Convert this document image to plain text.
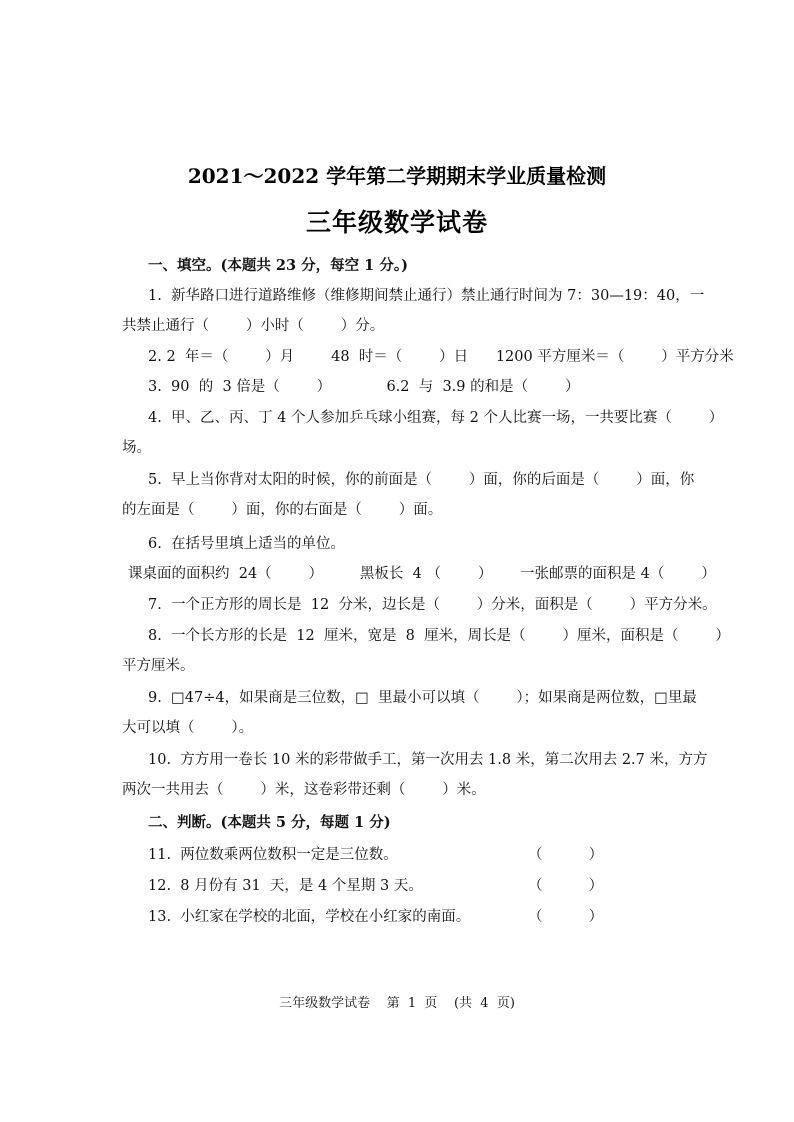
2021～2022 学年第二学期期末学业质量检测
三年级数学试卷
一、填空。(本题共 23 分，每空 1 分。)
1.  新华路口进行道路维修（维修期间禁止通行）禁止通行时间为 7：30—19：40，一
共禁止通行（        ）小时（        ）分。
2. 2  年＝（        ）月        48  时＝（        ）日      1200 平方厘米＝（        ）平方分米
3.  90  的  3 倍是（        ）            6.2  与  3.9 的和是（        ）
4.  甲、乙、丙、丁 4 个人参加乒乓球小组赛，每 2 个人比赛一场，一共要比赛（        ）
场。
5.  早上当你背对太阳的时候，你的前面是（        ）面，你的后面是（        ）面，你
的左面是（        ）面，你的右面是（        ）面。
6.  在括号里填上适当的单位。
课桌面的面积约  24（        ）        黑板长  4 （        ）      一张邮票的面积是 4（        ）
7.  一个正方形的周长是  12  分米，边长是（        ）分米，面积是（        ）平方分米。
8.  一个长方形的长是  12  厘米，宽是  8  厘米，周长是（        ）厘米，面积是（        ）
平方厘米。
9.  □47÷4，如果商是三位数，□  里最小可以填（        ）；如果商是两位数，□里最
大可以填（        ）。
10.  方方用一卷长 10 米的彩带做手工，第一次用去 1.8 米，第二次用去 2.7 米，方方
两次一共用去（        ）米，这卷彩带还剩（        ）米。
二、判断。(本题共 5 分，每题 1 分)
11.  两位数乘两位数积一定是三位数。	（          ）
12.  8 月份有 31  天，是 4 个星期 3 天。	（          ）
13.  小红家在学校的北面，学校在小红家的南面。	（          ）
三年级数学试卷    第  1  页    (共  4  页)
